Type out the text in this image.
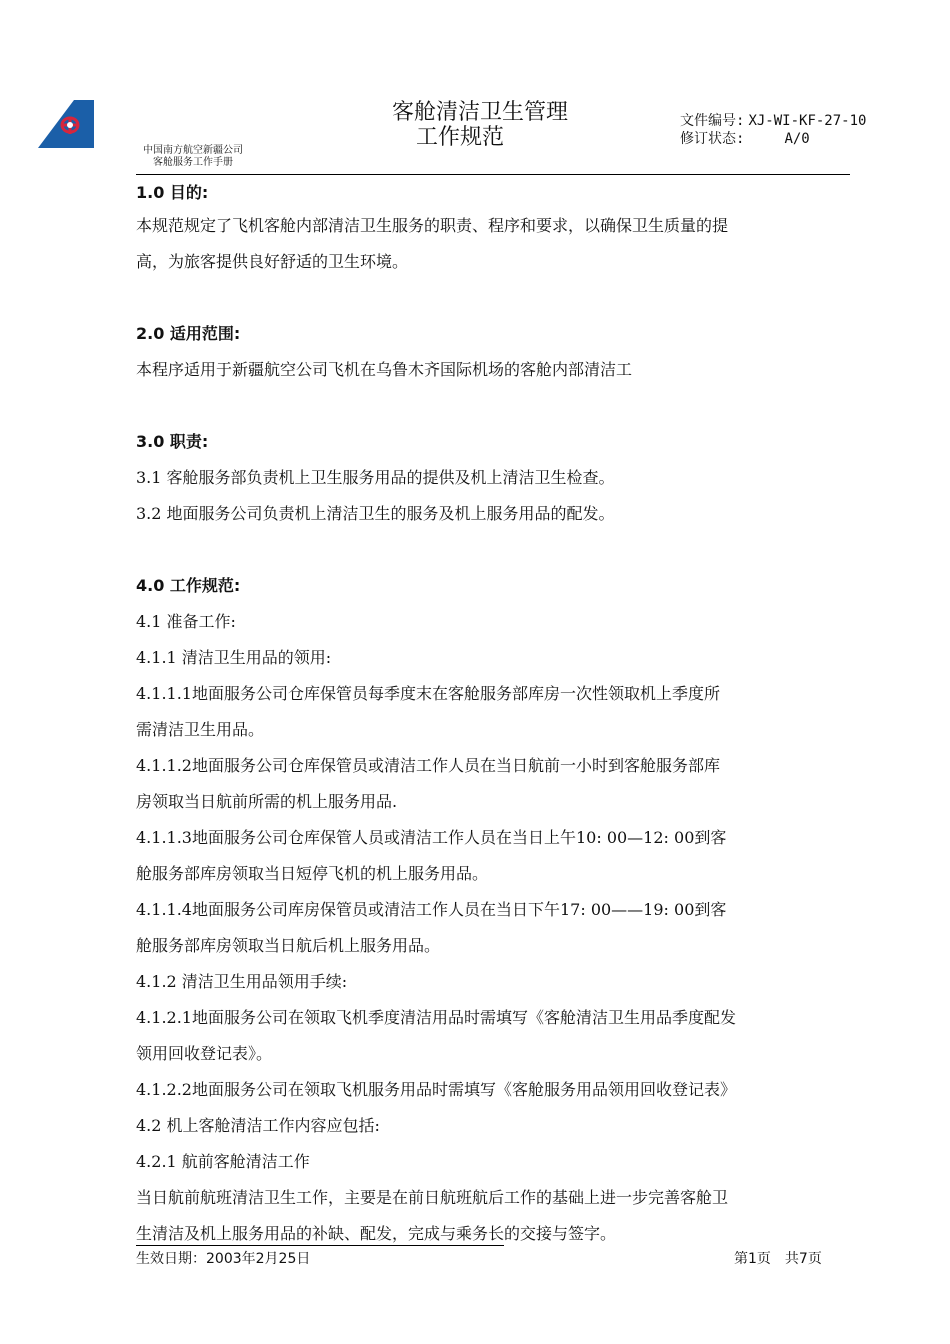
中国南方航空新疆公司
客舱服务工作手册
客舱清洁卫生管理
工作规范
文件编号: XJ-WI-KF-27-10
修订状态:	A/0
1.0 目的:
本规范规定了飞机客舱内部清洁卫生服务的职责、程序和要求，以确保卫生质量的提
高，为旅客提供良好舒适的卫生环境。
2.0 适用范围:
本程序适用于新疆航空公司飞机在乌鲁木齐国际机场的客舱内部清洁工
3.0 职责:
3.1 客舱服务部负责机上卫生服务用品的提供及机上清洁卫生检查。
3.2 地面服务公司负责机上清洁卫生的服务及机上服务用品的配发。
4.0 工作规范:
4.1 准备工作:
4.1.1 清洁卫生用品的领用:
4.1.1.1地面服务公司仓库保管员每季度末在客舱服务部库房一次性领取机上季度所
需清洁卫生用品。
4.1.1.2地面服务公司仓库保管员或清洁工作人员在当日航前一小时到客舱服务部库
房领取当日航前所需的机上服务用品.
4.1.1.3地面服务公司仓库保管人员或清洁工作人员在当日上午10: 00—12: 00到客
舱服务部库房领取当日短停飞机的机上服务用品。
4.1.1.4地面服务公司库房保管员或清洁工作人员在当日下午17: 00——19: 00到客
舱服务部库房领取当日航后机上服务用品。
4.1.2 清洁卫生用品领用手续:
4.1.2.1地面服务公司在领取飞机季度清洁用品时需填写《客舱清洁卫生用品季度配发
领用回收登记表》。
4.1.2.2地面服务公司在领取飞机服务用品时需填写《客舱服务用品领用回收登记表》
4.2 机上客舱清洁工作内容应包括:
4.2.1 航前客舱清洁工作
当日航前航班清洁卫生工作，主要是在前日航班航后工作的基础上进一步完善客舱卫
生清洁及机上服务用品的补缺、配发，完成与乘务长的交接与签字。
生效日期：2003年2月25日	第1页 共7页
